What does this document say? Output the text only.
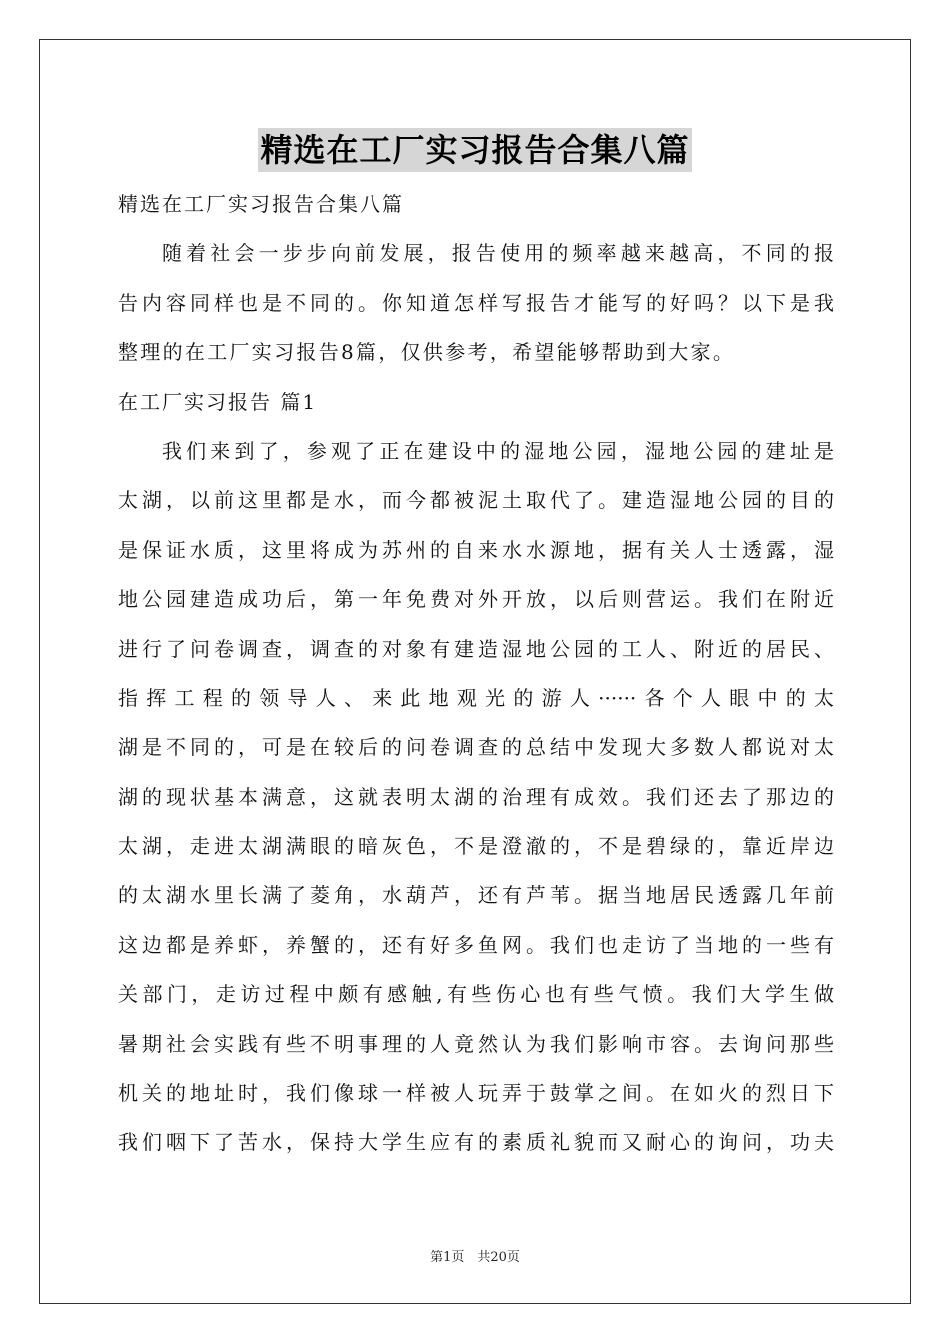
精选在工厂实习报告合集八篇
精选在工厂实习报告合集八篇
随着社会一步步向前发展，报告使用的频率越来越高，不同的报
告内容同样也是不同的。你知道怎样写报告才能写的好吗？以下是我
整理的在工厂实习报告8篇，仅供参考，希望能够帮助到大家。
在工厂实习报告 篇1
我们来到了，参观了正在建设中的湿地公园，湿地公园的建址是
太湖，以前这里都是水，而今都被泥土取代了。建造湿地公园的目的
是保证水质，这里将成为苏州的自来水水源地，据有关人士透露，湿
地公园建造成功后，第一年免费对外开放，以后则营运。我们在附近
进行了问卷调查，调查的对象有建造湿地公园的工人、附近的居民、
指挥工程的领导人、来此地观光的游人······各个人眼中的太
湖是不同的，可是在较后的问卷调查的总结中发现大多数人都说对太
湖的现状基本满意，这就表明太湖的治理有成效。我们还去了那边的
太湖，走进太湖满眼的暗灰色，不是澄澈的，不是碧绿的，靠近岸边
的太湖水里长满了菱角，水葫芦，还有芦苇。据当地居民透露几年前
这边都是养虾，养蟹的，还有好多鱼网。我们也走访了当地的一些有
关部门，走访过程中颇有感触,有些伤心也有些气愤。我们大学生做
暑期社会实践有些不明事理的人竟然认为我们影响市容。去询问那些
机关的地址时，我们像球一样被人玩弄于鼓掌之间。在如火的烈日下
我们咽下了苦水，保持大学生应有的素质礼貌而又耐心的询问，功夫
第1页　共20页
